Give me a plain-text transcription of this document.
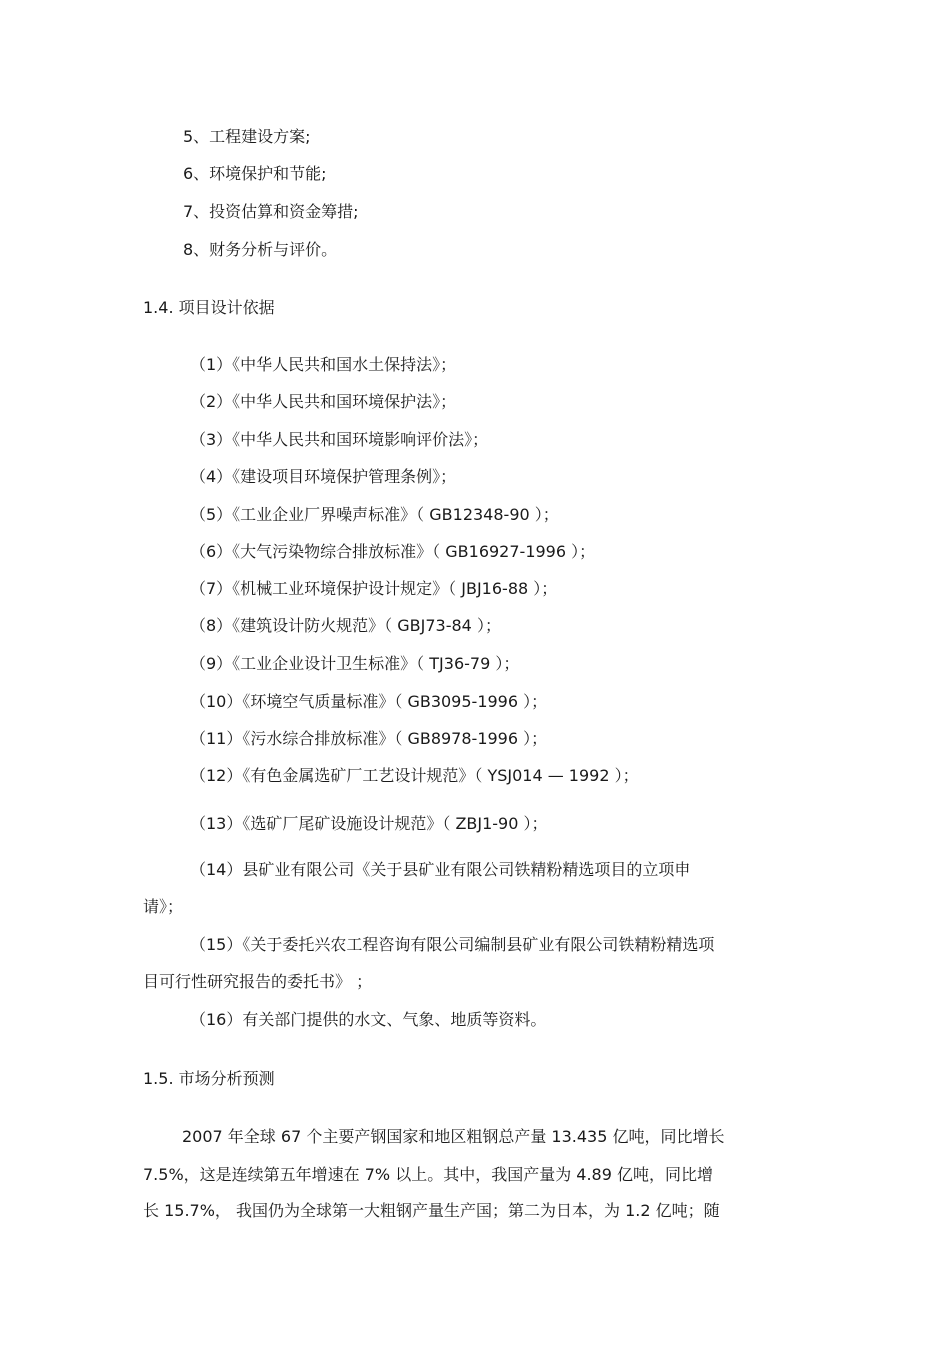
5、工程建设方案;
6、环境保护和节能;
7、投资估算和资金筹措;
8、财务分析与评价。
1.4. 项目设计依据
（1）《中华人民共和国水土保持法》；
（2）《中华人民共和国环境保护法》；
（3）《中华人民共和国环境影响评价法》；
（4）《建设项目环境保护管理条例》；
（5）《工业企业厂界噪声标准》（ GB12348-90 ）；
（6）《大气污染物综合排放标准》（ GB16927-1996 ）；
（7）《机械工业环境保护设计规定》（ JBJ16-88 ）；
（8）《建筑设计防火规范》（ GBJ73-84 ）；
（9）《工业企业设计卫生标准》（ TJ36-79 ）；
（10）《环境空气质量标准》（ GB3095-1996 ）；
（11）《污水综合排放标准》（ GB8978-1996 ）；
（12）《有色金属选矿厂工艺设计规范》（ YSJ014 — 1992 ）；
（13）《选矿厂尾矿设施设计规范》（ ZBJ1-90 ）；
（14）县矿业有限公司《关于县矿业有限公司铁精粉精选项目的立项申
请》；
（15）《关于委托兴农工程咨询有限公司编制县矿业有限公司铁精粉精选项
目可行性研究报告的委托书》 ；
（16）有关部门提供的水文、气象、地质等资料。
1.5. 市场分析预测
2007 年全球 67 个主要产钢国家和地区粗钢总产量 13.435 亿吨，同比增长
7.5%，这是连续第五年增速在 7% 以上。其中，我国产量为 4.89 亿吨，同比增
长 15.7%， 我国仍为全球第一大粗钢产量生产国；第二为日本，为 1.2 亿吨；随
